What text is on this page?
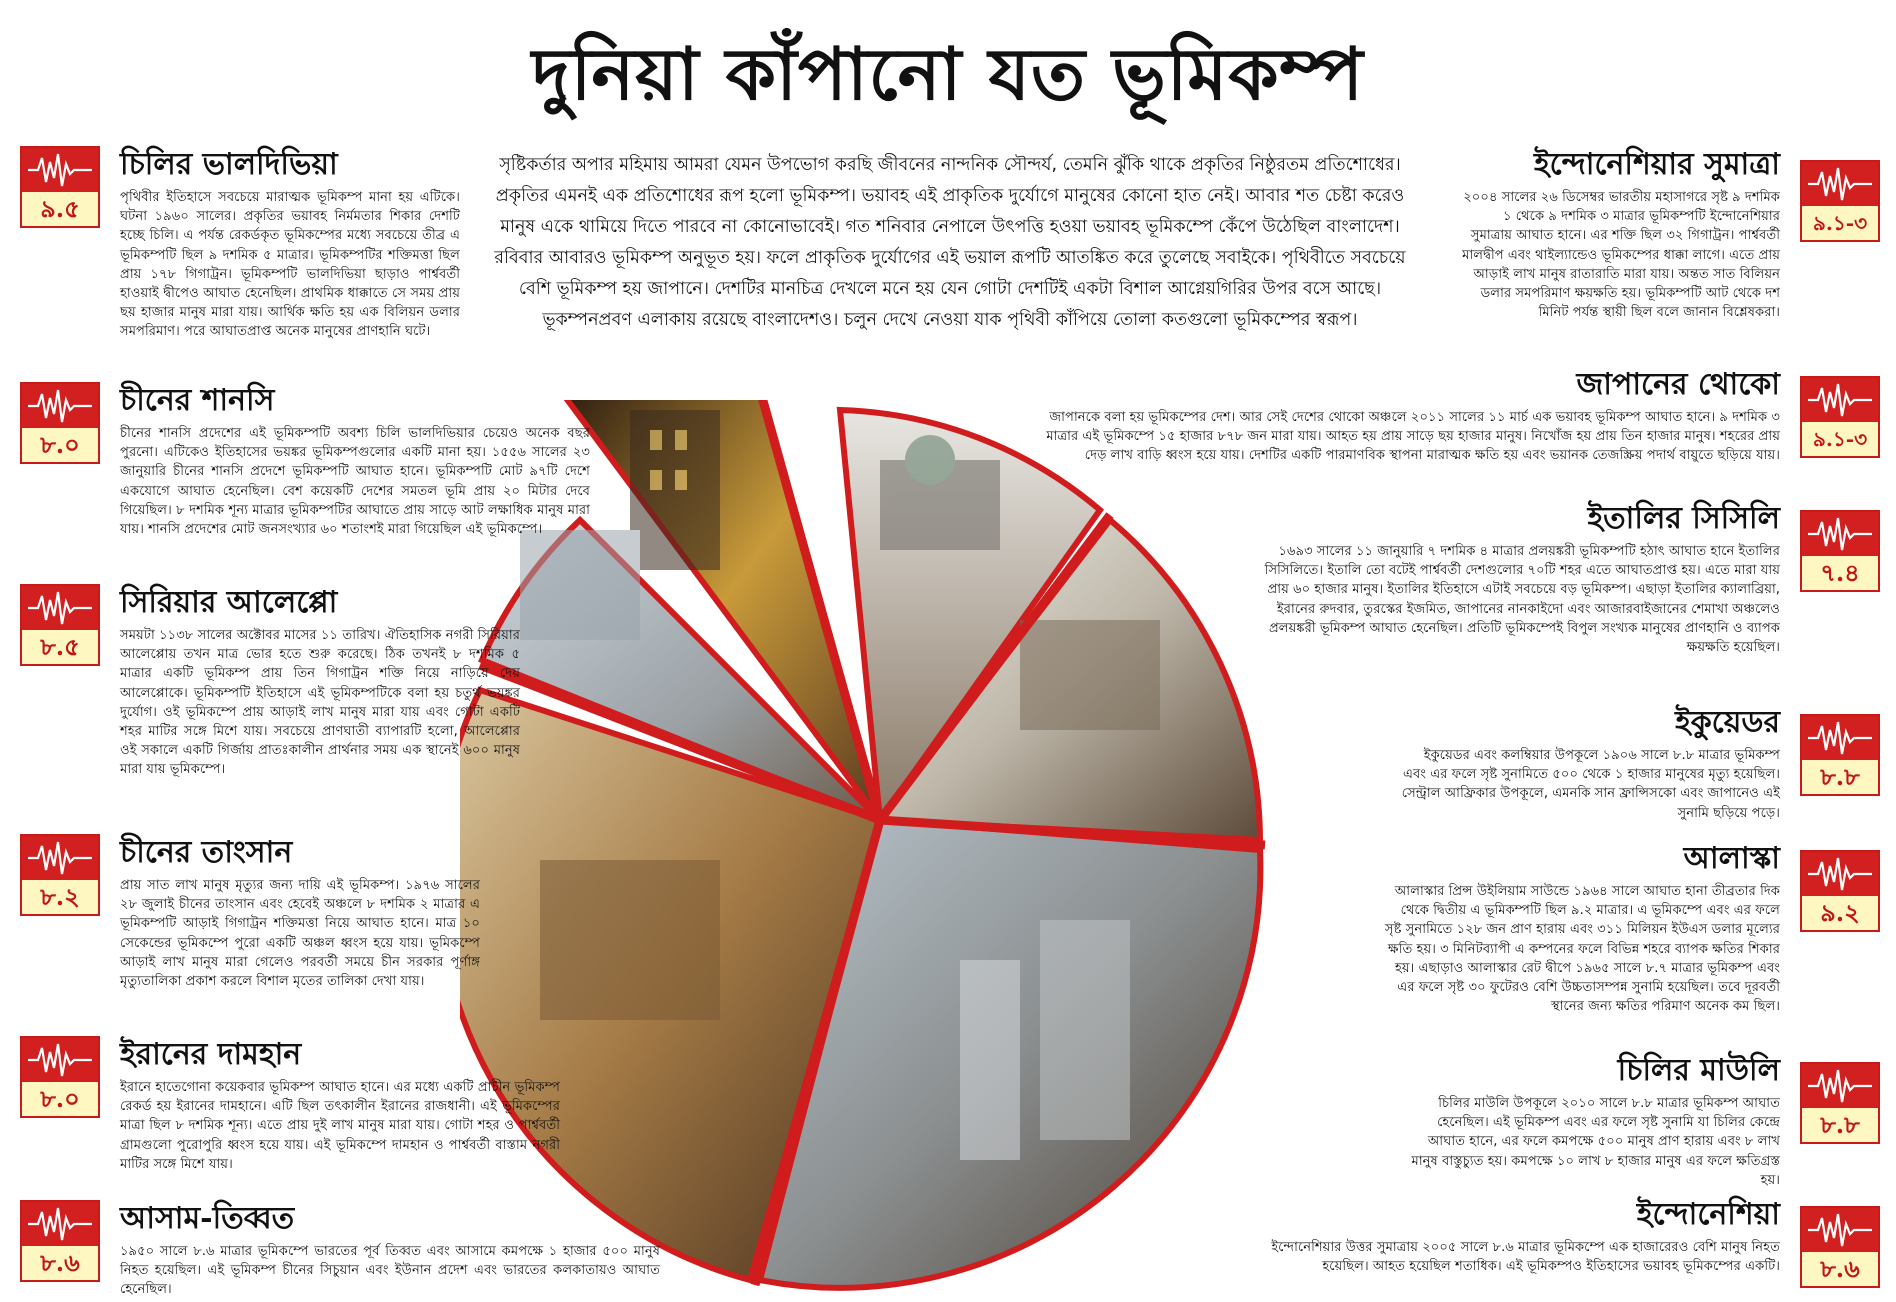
দুনিয়া কাঁপানো যত ভূমিকম্প
সৃষ্টিকর্তার অপার মহিমায় আমরা যেমন উপভোগ করছি জীবনের নান্দনিক সৌন্দর্য, তেমনি ঝুঁকি থাকে প্রকৃতির নিষ্ঠুরতম প্রতিশোধের। প্রকৃতির এমনই এক প্রতিশোধের রূপ হলো ভূমিকম্প। ভয়াবহ এই প্রাকৃতিক দুর্যোগে মানুষের কোনো হাত নেই। আবার শত চেষ্টা করেও মানুষ একে থামিয়ে দিতে পারবে না কোনোভাবেই। গত শনিবার নেপালে উৎপত্তি হওয়া ভয়াবহ ভূমিকম্পে কেঁপে উঠেছিল বাংলাদেশ। রবিবার আবারও ভূমিকম্প অনুভূত হয়। ফলে প্রাকৃতিক দুর্যোগের এই ভয়াল রূপটি আতঙ্কিত করে তুলেছে সবাইকে। পৃথিবীতে সবচেয়ে বেশি ভূমিকম্প হয় জাপানে। দেশটির মানচিত্র দেখলে মনে হয় যেন গোটা দেশটিই একটা বিশাল আগ্নেয়গিরির উপর বসে আছে। ভূকম্পনপ্রবণ এলাকায় রয়েছে বাংলাদেশও। চলুন দেখে নেওয়া যাক পৃথিবী কাঁপিয়ে তোলা কতগুলো ভূমিকম্পের স্বরূপ।
৯.৫
চিলির ভালদিভিয়া

পৃথিবীর ইতিহাসে সবচেয়ে মারাত্মক ভূমিকম্প মানা হয় এটিকে। ঘটনা ১৯৬০ সালের। প্রকৃতির ভয়াবহ নির্মমতার শিকার দেশটি হচ্ছে চিলি। এ পর্যন্ত রেকর্ডকৃত ভূমিকম্পের মধ্যে সবচেয়ে তীব্র এ ভূমিকম্পটি ছিল ৯ দশমিক ৫ মাত্রার। ভূমিকম্পটির শক্তিমত্তা ছিল প্রায় ১৭৮ গিগাট্রন। ভূমিকম্পটি ভালদিভিয়া ছাড়াও পার্শ্ববর্তী হাওয়াই দ্বীপেও আঘাত হেনেছিল। প্রাথমিক ধাক্কাতে সে সময় প্রায় ছয় হাজার মানুষ মারা যায়। আর্থিক ক্ষতি হয় এক বিলিয়ন ডলার সমপরিমাণ। পরে আঘাতপ্রাপ্ত অনেক মানুষের প্রাণহানি ঘটে।

৮.০
চীনের শানসি

চীনের শানসি প্রদেশের এই ভূমিকম্পটি অবশ্য চিলি ভালদিভিয়ার চেয়েও অনেক বছর পুরনো। এটিকেও ইতিহাসের ভয়ঙ্কর ভূমিকম্পগুলোর একটি মানা হয়। ১৫৫৬ সালের ২৩ জানুয়ারি চীনের শানসি প্রদেশে ভূমিকম্পটি আঘাত হানে। ভূমিকম্পটি মোট ৯৭টি দেশে একযোগে আঘাত হেনেছিল। বেশ কয়েকটি দেশের সমতল ভূমি প্রায় ২০ মিটার দেবে গিয়েছিল। ৮ দশমিক শূন্য মাত্রার ভূমিকম্পটির আঘাতে প্রায় সাড়ে আট লক্ষাধিক মানুষ মারা যায়। শানসি প্রদেশের মোট জনসংখ্যার ৬০ শতাংশই মারা গিয়েছিল এই ভূমিকম্পে।

৮.৫
সিরিয়ার আলেপ্পো

সময়টা ১১৩৮ সালের অক্টোবর মাসের ১১ তারিখ। ঐতিহাসিক নগরী সিরিয়ার আলেপ্পোয় তখন মাত্র ভোর হতে শুরু করেছে। ঠিক তখনই ৮ দশমিক ৫ মাত্রার একটি ভূমিকম্প প্রায় তিন গিগাট্রন শক্তি নিয়ে নাড়িয়ে দেয় আলেপ্পোকে। ভূমিকম্পটি ইতিহাসে এই ভূমিকম্পটিকে বলা হয় চতুর্থ ভয়ঙ্কর দুর্যোগ। ওই ভূমিকম্পে প্রায় আড়াই লাখ মানুষ মারা যায় এবং গোটা একটি শহর মাটির সঙ্গে মিশে যায়। সবচেয়ে প্রাণঘাতী ব্যাপারটি হলো, আলেপ্পোর ওই সকালে একটি গির্জায় প্রাতঃকালীন প্রার্থনার সময় এক স্থানেই ৬০০ মানুষ মারা যায় ভূমিকম্পে।

৮.২
চীনের তাংসান

প্রায় সাত লাখ মানুষ মৃত্যুর জন্য দায়ি এই ভূমিকম্প। ১৯৭৬ সালের ২৮ জুলাই চীনের তাংসান এবং হেবেই অঞ্চলে ৮ দশমিক ২ মাত্রার এ ভূমিকম্পটি আড়াই গিগাট্রন শক্তিমত্তা নিয়ে আঘাত হানে। মাত্র ১০ সেকেন্ডের ভূমিকম্পে পুরো একটি অঞ্চল ধ্বংস হয়ে যায়। ভূমিকম্পে আড়াই লাখ মানুষ মারা গেলেও পরবর্তী সময়ে চীন সরকার পূর্ণাঙ্গ মৃত্যুতালিকা প্রকাশ করলে বিশাল মৃতের তালিকা দেখা যায়।

৮.০
ইরানের দামহান

ইরানে হাতেগোনা কয়েকবার ভূমিকম্প আঘাত হানে। এর মধ্যে একটি প্রাচীন ভূমিকম্প রেকর্ড হয় ইরানের দামহানে। এটি ছিল তৎকালীন ইরানের রাজধানী। এই ভূমিকম্পের মাত্রা ছিল ৮ দশমিক শূন্য। এতে প্রায় দুই লাখ মানুষ মারা যায়। গোটা শহর ও পার্শ্ববর্তী গ্রামগুলো পুরোপুরি ধ্বংস হয়ে যায়। এই ভূমিকম্পে দামহান ও পার্শ্ববর্তী বাস্তাম নগরী মাটির সঙ্গে মিশে যায়।

৮.৬
আসাম-তিব্বত

১৯৫০ সালে ৮.৬ মাত্রার ভূমিকম্পে ভারতের পূর্ব তিব্বত এবং আসামে কমপক্ষে ১ হাজার ৫০০ মানুষ নিহত হয়েছিল। এই ভূমিকম্প চীনের সিচুয়ান এবং ইউনান প্রদেশ এবং ভারতের কলকাতায়ও আঘাত হেনেছিল।

৯.১-৩
ইন্দোনেশিয়ার সুমাত্রা

২০০৪ সালের ২৬ ডিসেম্বর ভারতীয় মহাসাগরে সৃষ্ট ৯ দশমিক ১ থেকে ৯ দশমিক ৩ মাত্রার ভূমিকম্পটি ইন্দোনেশিয়ার সুমাত্রায় আঘাত হানে। এর শক্তি ছিল ৩২ গিগাট্রন। পার্শ্ববর্তী মালদ্বীপ এবং থাইল্যান্ডেও ভূমিকম্পের ধাক্কা লাগে। এতে প্রায় আড়াই লাখ মানুষ রাতারাতি মারা যায়। অন্তত সাত বিলিয়ন ডলার সমপরিমাণ ক্ষয়ক্ষতি হয়। ভূমিকম্পটি আট থেকে দশ মিনিট পর্যন্ত স্থায়ী ছিল বলে জানান বিশ্লেষকরা।

৯.১-৩
জাপানের থোকো

জাপানকে বলা হয় ভূমিকম্পের দেশ। আর সেই দেশের থোকো অঞ্চলে ২০১১ সালের ১১ মার্চ এক ভয়াবহ ভূমিকম্প আঘাত হানে। ৯ দশমিক ৩ মাত্রার এই ভূমিকম্পে ১৫ হাজার ৮৭৮ জন মারা যায়। আহত হয় প্রায় সাড়ে ছয় হাজার মানুষ। নিখোঁজ হয় প্রায় তিন হাজার মানুষ। শহরের প্রায় দেড় লাখ বাড়ি ধ্বংস হয়ে যায়। দেশটির একটি পারমাণবিক স্থাপনা মারাত্মক ক্ষতি হয় এবং ভয়ানক তেজস্ক্রিয় পদার্থ বায়ুতে ছড়িয়ে যায়।

৭.৪
ইতালির সিসিলি

১৬৯৩ সালের ১১ জানুয়ারি ৭ দশমিক ৪ মাত্রার প্রলয়ঙ্করী ভূমিকম্পটি হঠাৎ আঘাত হানে ইতালির সিসিলিতে। ইতালি তো বটেই পার্শ্ববর্তী দেশগুলোর ৭০টি শহর এতে আঘাতপ্রাপ্ত হয়। এতে মারা যায় প্রায় ৬০ হাজার মানুষ। ইতালির ইতিহাসে এটাই সবচেয়ে বড় ভূমিকম্প। এছাড়া ইতালির ক্যালাব্রিয়া, ইরানের রুদবার, তুরস্কের ইজমিত, জাপানের নানকাইদো এবং আজারবাইজানের শেমাখা অঞ্চলেও প্রলয়ঙ্করী ভূমিকম্প আঘাত হেনেছিল। প্রতিটি ভূমিকম্পেই বিপুল সংখ্যক মানুষের প্রাণহানি ও ব্যাপক ক্ষয়ক্ষতি হয়েছিল।

৮.৮
ইকুয়েডর

ইকুয়েডর এবং কলম্বিয়ার উপকূলে ১৯০৬ সালে ৮.৮ মাত্রার ভূমিকম্প এবং এর ফলে সৃষ্ট সুনামিতে ৫০০ থেকে ১ হাজার মানুষের মৃত্যু হয়েছিল। সেন্ট্রাল আফ্রিকার উপকূলে, এমনকি সান ফ্রান্সিসকো এবং জাপানেও এই সুনামি ছড়িয়ে পড়ে।

৯.২
আলাস্কা

আলাস্কার প্রিন্স উইলিয়াম সাউন্ডে ১৯৬৪ সালে আঘাত হানা তীব্রতার দিক থেকে দ্বিতীয় এ ভূমিকম্পটি ছিল ৯.২ মাত্রার। এ ভূমিকম্পে এবং এর ফলে সৃষ্ট সুনামিতে ১২৮ জন প্রাণ হারায় এবং ৩১১ মিলিয়ন ইউএস ডলার মূল্যের ক্ষতি হয়। ৩ মিনিটব্যাপী এ কম্পনের ফলে বিভিন্ন শহরে ব্যাপক ক্ষতির শিকার হয়। এছাড়াও আলাস্কার রেট দ্বীপে ১৯৬৫ সালে ৮.৭ মাত্রার ভূমিকম্প এবং এর ফলে সৃষ্ট ৩০ ফুটেরও বেশি উচ্চতাসম্পন্ন সুনামি হয়েছিল। তবে দূরবর্তী স্থানের জন্য ক্ষতির পরিমাণ অনেক কম ছিল।

৮.৮
চিলির মাউলি

চিলির মাউলি উপকূলে ২০১০ সালে ৮.৮ মাত্রার ভূমিকম্প আঘাত হেনেছিল। এই ভূমিকম্প এবং এর ফলে সৃষ্ট সুনামি যা চিলির কেন্দ্রে আঘাত হানে, এর ফলে কমপক্ষে ৫০০ মানুষ প্রাণ হারায় এবং ৮ লাখ মানুষ বাস্তুচ্যুত হয়। কমপক্ষে ১০ লাখ ৮ হাজার মানুষ এর ফলে ক্ষতিগ্রস্ত হয়।

৮.৬
ইন্দোনেশিয়া

ইন্দোনেশিয়ার উত্তর সুমাত্রায় ২০০৫ সালে ৮.৬ মাত্রার ভূমিকম্পে এক হাজারেরও বেশি মানুষ নিহত হয়েছিল। আহত হয়েছিল শতাধিক। এই ভূমিকম্পও ইতিহাসের ভয়াবহ ভূমিকম্পের একটি।
